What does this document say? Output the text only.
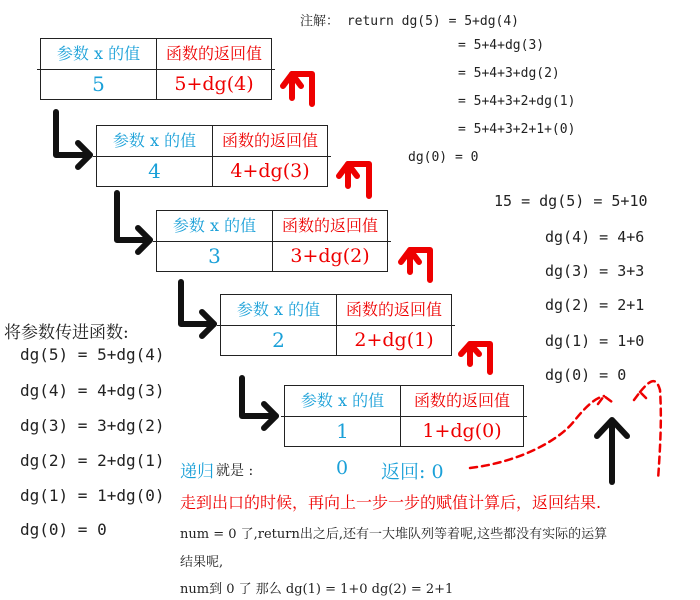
参数 x 的值	函数的返回值
5	5+dg(4)
参数 x 的值	函数的返回值
4	4+dg(3)
参数 x 的值	函数的返回值
3	3+dg(2)
参数 x 的值	函数的返回值
2	2+dg(1)
参数 x 的值	函数的返回值
1	1+dg(0)
注解： return dg(5) = 5+dg(4)
= 5+4+dg(3)
= 5+4+3+dg(2)
= 5+4+3+2+dg(1)
= 5+4+3+2+1+(0)
dg(0) = 0
15 = dg(5) = 5+10
dg(4) = 4+6
dg(3) = 3+3
dg(2) = 2+1
dg(1) = 1+0
dg(0) = 0
将参数传进函数:
dg(5) = 5+dg(4)
dg(4) = 4+dg(3)
dg(3) = 3+dg(2)
dg(2) = 2+dg(1)
dg(1) = 1+dg(0)
dg(0) = 0
递归 就是 :	0 返回: 0
走到出口的时候，再向上一步一步的赋值计算后，返回结果.
num = 0 了,return出之后,还有一大堆队列等着呢,这些都没有实际的运算
结果呢,
num到 0 了 那么 dg(1) = 1+0 dg(2) = 2+1
